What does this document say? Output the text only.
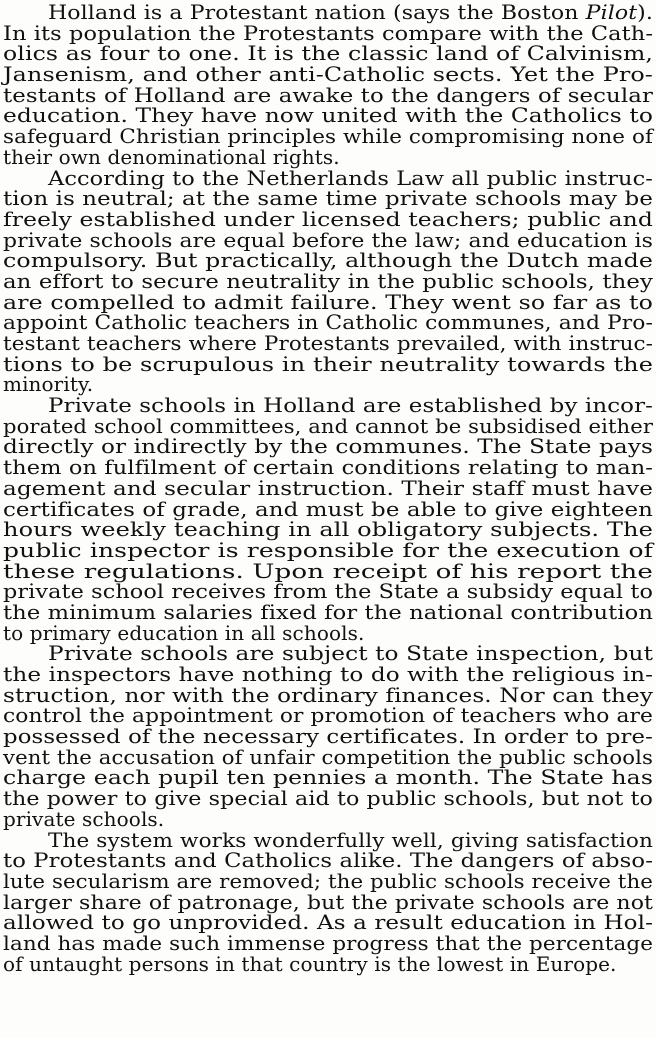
Holland is a Protestant nation (says the Boston Pilot).
In its population the Protestants compare with the Cath-
olics as four to one. It is the classic land of Calvinism,
Jansenism, and other anti-Catholic sects. Yet the Pro-
testants of Holland are awake to the dangers of secular
education. They have now united with the Catholics to
safeguard Christian principles while compromising none of
their own denominational rights.
According to the Netherlands Law all public instruc-
tion is neutral; at the same time private schools may be
freely established under licensed teachers; public and
private schools are equal before the law; and education is
compulsory. But practically, although the Dutch made
an effort to secure neutrality in the public schools, they
are compelled to admit failure. They went so far as to
appoint Catholic teachers in Catholic communes, and Pro-
testant teachers where Protestants prevailed, with instruc-
tions to be scrupulous in their neutrality towards the
minority.
Private schools in Holland are established by incor-
porated school committees, and cannot be subsidised either
directly or indirectly by the communes. The State pays
them on fulfilment of certain conditions relating to man-
agement and secular instruction. Their staff must have
certificates of grade, and must be able to give eighteen
hours weekly teaching in all obligatory subjects. The
public inspector is responsible for the execution of
these regulations. Upon receipt of his report the
private school receives from the State a subsidy equal to
the minimum salaries fixed for the national contribution
to primary education in all schools.
Private schools are subject to State inspection, but
the inspectors have nothing to do with the religious in-
struction, nor with the ordinary finances. Nor can they
control the appointment or promotion of teachers who are
possessed of the necessary certificates. In order to pre-
vent the accusation of unfair competition the public schools
charge each pupil ten pennies a month. The State has
the power to give special aid to public schools, but not to
private schools.
The system works wonderfully well, giving satisfaction
to Protestants and Catholics alike. The dangers of abso-
lute secularism are removed; the public schools receive the
larger share of patronage, but the private schools are not
allowed to go unprovided. As a result education in Hol-
land has made such immense progress that the percentage
of untaught persons in that country is the lowest in Europe.
